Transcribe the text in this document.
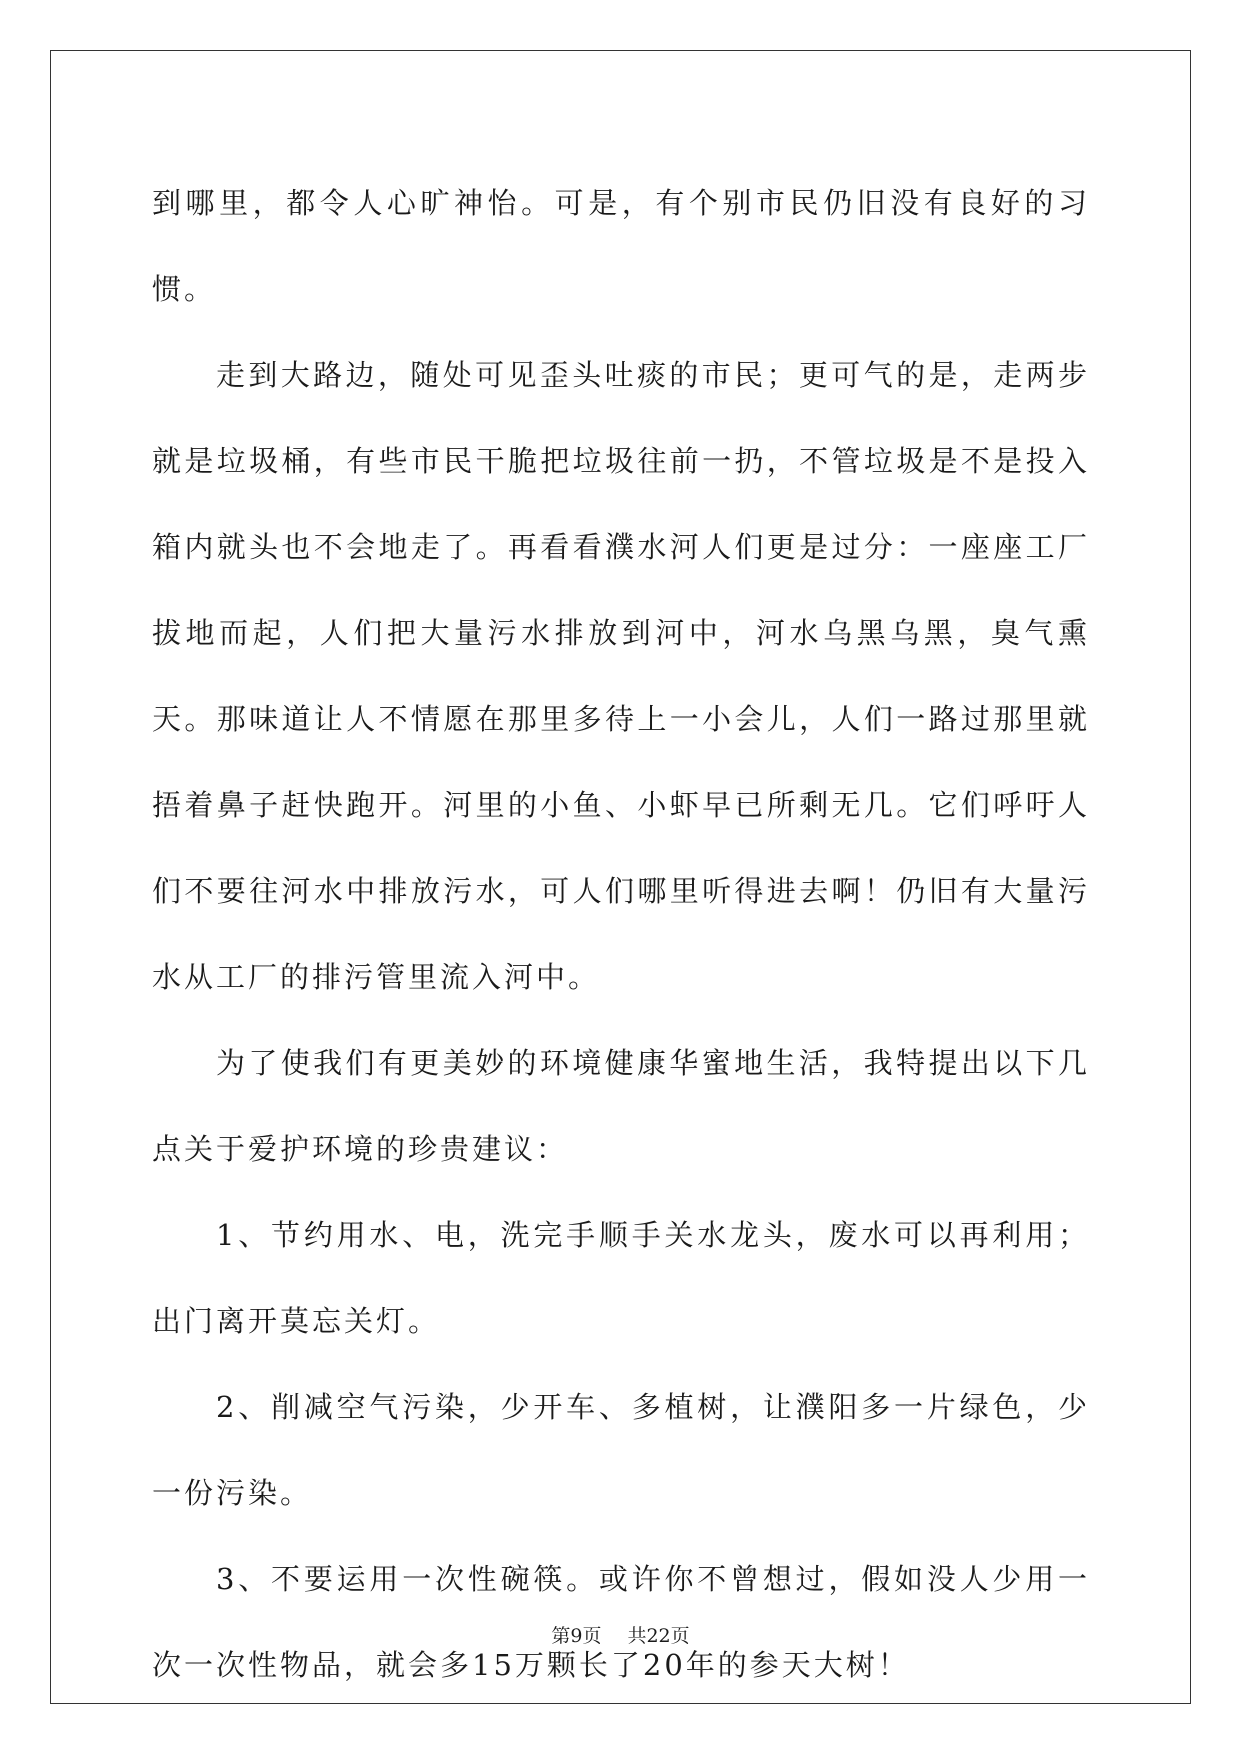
到哪里，都令人心旷神怡。可是，有个别市民仍旧没有良好的习惯。

走到大路边，随处可见歪头吐痰的市民；更可气的是，走两步就是垃圾桶，有些市民干脆把垃圾往前一扔，不管垃圾是不是投入箱内就头也不会地走了。再看看濮水河人们更是过分：一座座工厂拔地而起，人们把大量污水排放到河中，河水乌黑乌黑，臭气熏天。那味道让人不情愿在那里多待上一小会儿，人们一路过那里就捂着鼻子赶快跑开。河里的小鱼、小虾早已所剩无几。它们呼吁人们不要往河水中排放污水，可人们哪里听得进去啊！仍旧有大量污水从工厂的排污管里流入河中。

为了使我们有更美妙的环境健康华蜜地生活，我特提出以下几点关于爱护环境的珍贵建议：

1、节约用水、电，洗完手顺手关水龙头，废水可以再利用；出门离开莫忘关灯。

2、削减空气污染，少开车、多植树，让濮阳多一片绿色，少一份污染。

3、不要运用一次性碗筷。或许你不曾想过，假如没人少用一次一次性物品，就会多15万颗长了20年的参天大树！

第9页 共22页
